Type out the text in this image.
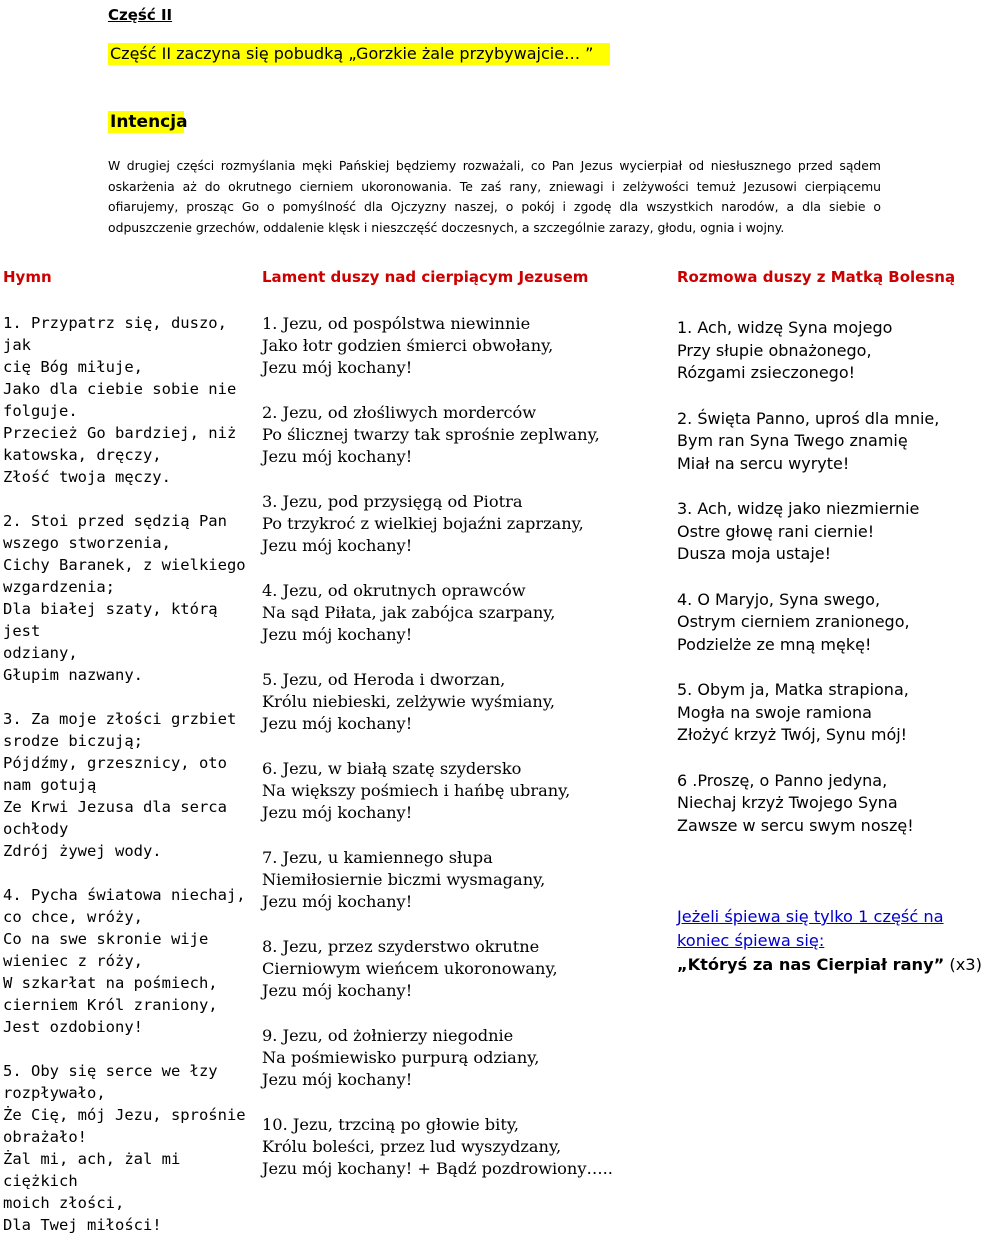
Część II
Część II zaczyna się pobudką „Gorzkie żale przybywajcie… ”
Intencja
W drugiej części rozmyślania męki Pańskiej będziemy rozważali, co Pan Jezus wycierpiał od niesłusznego przed sądem oskarżenia aż do okrutnego cierniem ukoronowania. Te zaś rany, zniewagi i zelżywości temuż Jezusowi cierpiącemu ofiarujemy, prosząc Go o pomyślność dla Ojczyzny naszej, o pokój i zgodę dla wszystkich narodów, a dla siebie o odpuszczenie grzechów, oddalenie klęsk i nieszczęść doczesnych, a szczególnie zarazy, głodu, ognia i wojny.
Hymn	Lament duszy nad cierpiącym Jezusem	Rozmowa duszy z Matką Bolesną
1. Przypatrz się, duszo, jak
cię Bóg miłuje,
Jako dla ciebie sobie nie
folguje.
Przecież Go bardziej, niż
katowska, dręczy,
Złość twoja męczy.
2. Stoi przed sędzią Pan
wszego stworzenia,
Cichy Baranek, z wielkiego
wzgardzenia;
Dla białej szaty, którą jest
odziany,
Głupim nazwany.
3. Za moje złości grzbiet
srodze biczują;
Pójdźmy, grzesznicy, oto
nam gotują
Ze Krwi Jezusa dla serca
ochłody
Zdrój żywej wody.
4. Pycha światowa niechaj,
co chce, wróży,
Co na swe skronie wije
wieniec z róży,
W szkarłat na pośmiech,
cierniem Król zraniony,
Jest ozdobiony!
5. Oby się serce we łzy
rozpływało,
Że Cię, mój Jezu, sprośnie
obrażało!
Żal mi, ach, żal mi ciężkich
moich złości,
Dla Twej miłości!
1. Jezu, od pospólstwa niewinnie
Jako łotr godzien śmierci obwołany,
Jezu mój kochany!
2. Jezu, od złośliwych morderców
Po ślicznej twarzy tak sprośnie zeplwany,
Jezu mój kochany!
3. Jezu, pod przysięgą od Piotra
Po trzykroć z wielkiej bojaźni zaprzany,
Jezu mój kochany!
4. Jezu, od okrutnych oprawców
Na sąd Piłata, jak zabójca szarpany,
Jezu mój kochany!
5. Jezu, od Heroda i dworzan,
Królu niebieski, zelżywie wyśmiany,
Jezu mój kochany!
6. Jezu, w białą szatę szydersko
Na większy pośmiech i hańbę ubrany,
Jezu mój kochany!
7. Jezu, u kamiennego słupa
Niemiłosiernie biczmi wysmagany,
Jezu mój kochany!
8. Jezu, przez szyderstwo okrutne
Cierniowym wieńcem ukoronowany,
Jezu mój kochany!
9. Jezu, od żołnierzy niegodnie
Na pośmiewisko purpurą odziany,
Jezu mój kochany!
10. Jezu, trzciną po głowie bity,
Królu boleści, przez lud wyszydzany,
Jezu mój kochany! + Bądź pozdrowiony…..
1. Ach, widzę Syna mojego
Przy słupie obnażonego,
Rózgami zsieczonego!
2. Święta Panno, uproś dla mnie,
Bym ran Syna Twego znamię
Miał na sercu wyryte!
3. Ach, widzę jako niezmiernie
Ostre głowę rani ciernie!
Dusza moja ustaje!
4. O Maryjo, Syna swego,
Ostrym cierniem zranionego,
Podzielże ze mną mękę!
5. Obym ja, Matka strapiona,
Mogła na swoje ramiona
Złożyć krzyż Twój, Synu mój!
6 .Proszę, o Panno jedyna,
Niechaj krzyż Twojego Syna
Zawsze w sercu swym noszę!
Jeżeli śpiewa się tylko 1 część na
koniec śpiewa się:
„Któryś za nas Cierpiał rany” (x3)
